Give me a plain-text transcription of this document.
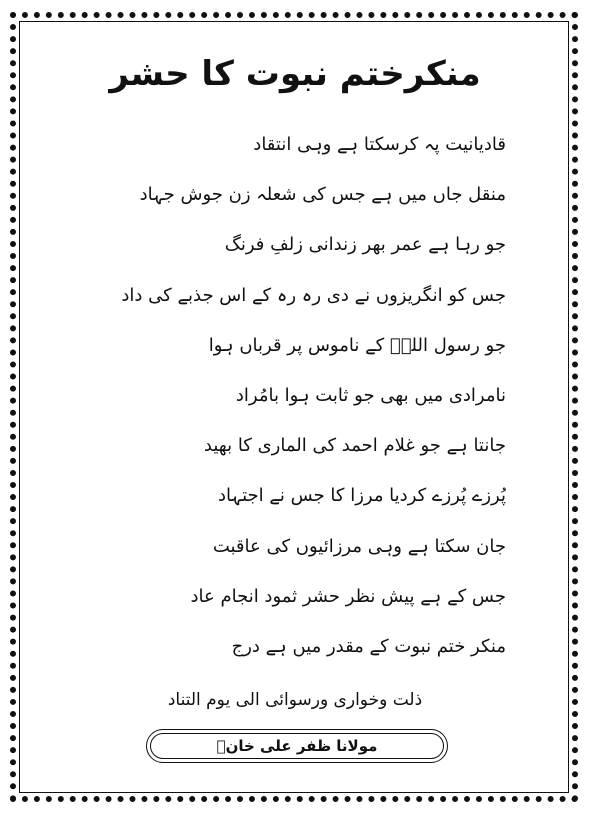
منکرختم نبوت کا حشر
قادیانیت پہ کرسکتا ہے وہی انتقاد
منقل جاں میں ہے جس کی شعلہ زن جوش جہاد
جو رہا ہے عمر بھر زندانی زلفِ فرنگ
جس کو انگریزوں نے دی رہ رہ کے اس جذبے کی داد
جو رسول اللہؐ کے ناموس پر قرباں ہوا
نامرادی میں بھی جو ثابت ہوا بامُراد
جانتا ہے جو غلام احمد کی الماری کا بھید
پُرزے پُرزے کردیا مرزا کا جس نے اجتہاد
جان سکتا ہے وہی مرزائیوں کی عاقبت
جس کے ہے پیش نظر حشر ثمود انجام عاد
منکر ختم نبوت کے مقدر میں ہے درج
ذلت وخواری ورسوائی الی یوم التناد
مولانا ظفر علی خانؒ
